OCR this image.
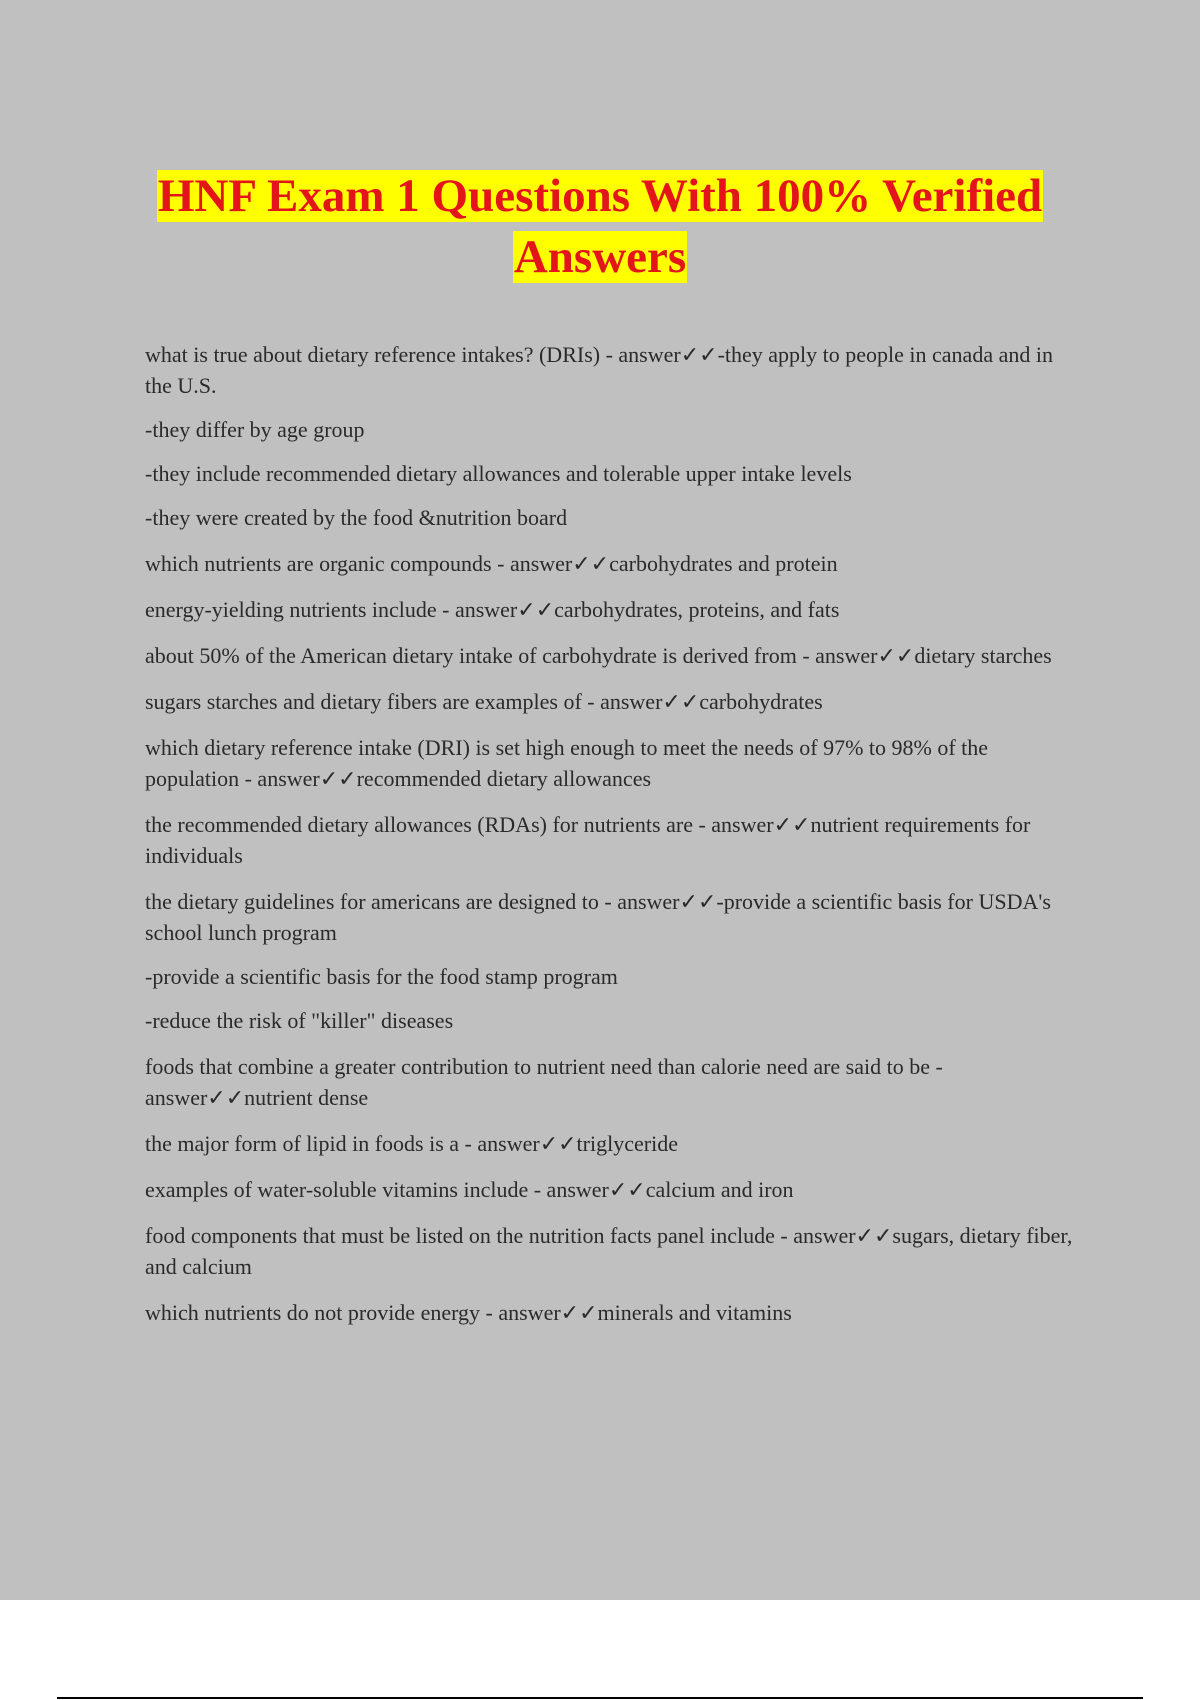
HNF Exam 1 Questions With 100% Verified
Answers

what is true about dietary reference intakes? (DRIs) - answer✓✓-they apply to people in canada and in the U.S.

-they differ by age group

-they include recommended dietary allowances and tolerable upper intake levels

-they were created by the food &nutrition board

which nutrients are organic compounds - answer✓✓carbohydrates and protein

energy-yielding nutrients include - answer✓✓carbohydrates, proteins, and fats

about 50% of the American dietary intake of carbohydrate is derived from - answer✓✓dietary starches

sugars starches and dietary fibers are examples of - answer✓✓carbohydrates

which dietary reference intake (DRI) is set high enough to meet the needs of 97% to 98% of the population - answer✓✓recommended dietary allowances

the recommended dietary allowances (RDAs) for nutrients are - answer✓✓nutrient requirements for individuals

the dietary guidelines for americans are designed to - answer✓✓-provide a scientific basis for USDA's school lunch program

-provide a scientific basis for the food stamp program

-reduce the risk of "killer" diseases

foods that combine a greater contribution to nutrient need than calorie need are said to be - answer✓✓nutrient dense

the major form of lipid in foods is a - answer✓✓triglyceride

examples of water-soluble vitamins include - answer✓✓calcium and iron

food components that must be listed on the nutrition facts panel include - answer✓✓sugars, dietary fiber, and calcium

which nutrients do not provide energy - answer✓✓minerals and vitamins
